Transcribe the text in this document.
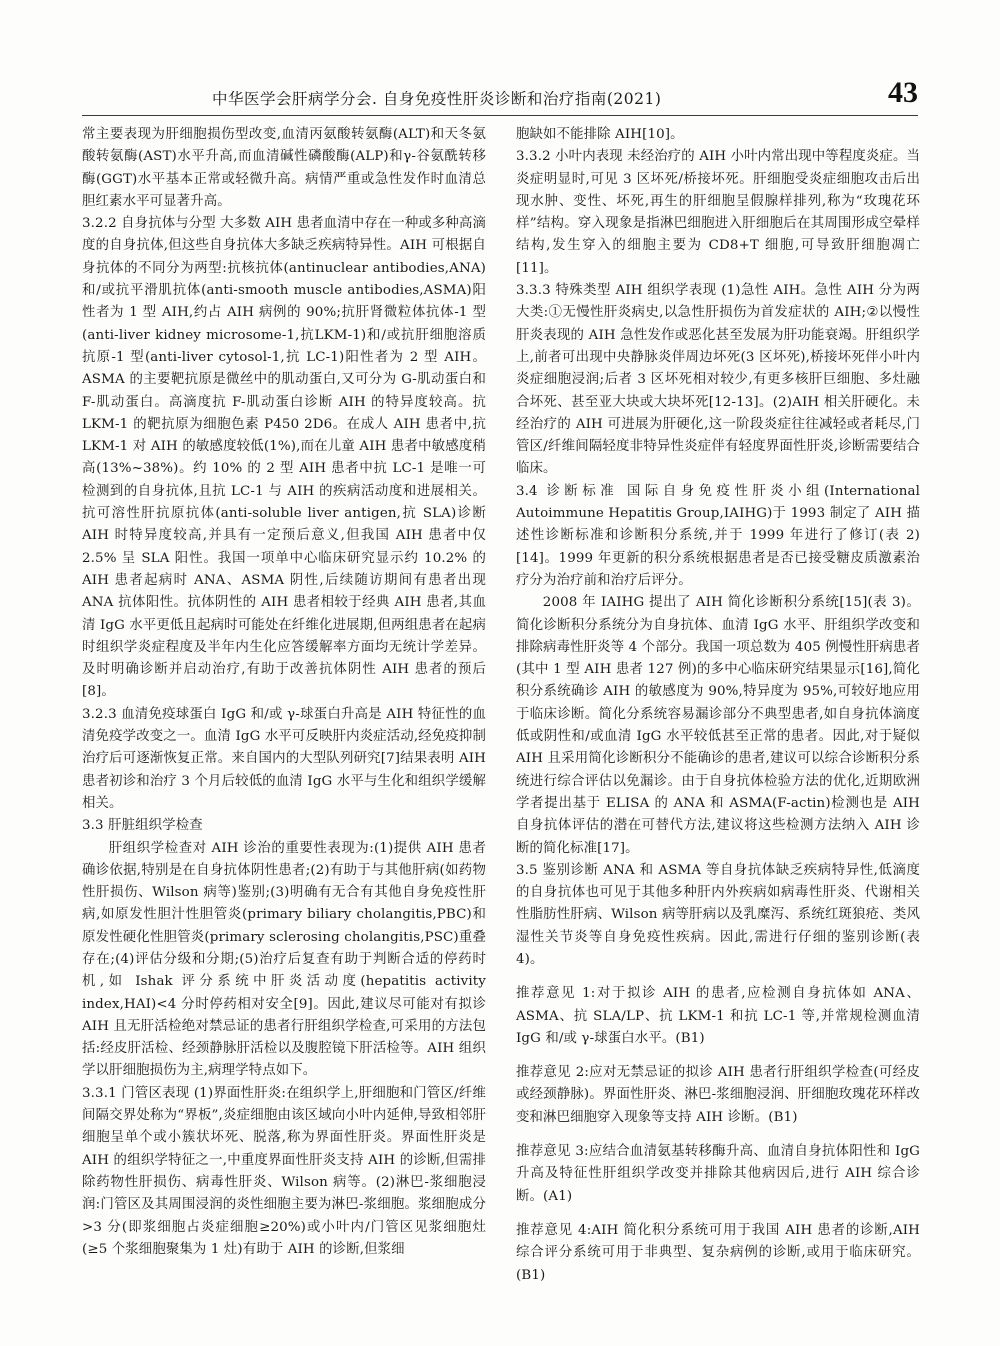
中华医学会肝病学分会. 自身免疫性肝炎诊断和治疗指南(2021)	43

常主要表现为肝细胞损伤型改变,血清丙氨酸转氨酶(ALT)和天冬氨酸转氨酶(AST)水平升高,而血清碱性磷酸酶(ALP)和γ-谷氨酰转移酶(GGT)水平基本正常或轻微升高。病情严重或急性发作时血清总胆红素水平可显著升高。

3.2.2 自身抗体与分型 大多数 AIH 患者血清中存在一种或多种高滴度的自身抗体,但这些自身抗体大多缺乏疾病特异性。AIH 可根据自身抗体的不同分为两型:抗核抗体(antinuclear antibodies,ANA)和/或抗平滑肌抗体(anti-smooth muscle antibodies,ASMA)阳性者为 1 型 AIH,约占 AIH 病例的 90%;抗肝肾微粒体抗体-1 型(anti-liver kidney microsome-1,抗LKM-1)和/或抗肝细胞溶质抗原-1 型(anti-liver cytosol-1,抗 LC-1)阳性者为 2 型 AIH。ASMA 的主要靶抗原是微丝中的肌动蛋白,又可分为 G-肌动蛋白和 F-肌动蛋白。高滴度抗 F-肌动蛋白诊断 AIH 的特异度较高。抗 LKM-1 的靶抗原为细胞色素 P450 2D6。在成人 AIH 患者中,抗 LKM-1 对 AIH 的敏感度较低(1%),而在儿童 AIH 患者中敏感度稍高(13%~38%)。约 10% 的 2 型 AIH 患者中抗 LC-1 是唯一可检测到的自身抗体,且抗 LC-1 与 AIH 的疾病活动度和进展相关。抗可溶性肝抗原抗体(anti-soluble liver antigen,抗 SLA)诊断 AIH 时特异度较高,并具有一定预后意义,但我国 AIH 患者中仅 2.5% 呈 SLA 阳性。我国一项单中心临床研究显示约 10.2% 的 AIH 患者起病时 ANA、ASMA 阴性,后续随访期间有患者出现 ANA 抗体阳性。抗体阴性的 AIH 患者相较于经典 AIH 患者,其血清 IgG 水平更低且起病时可能处在纤维化进展期,但两组患者在起病时组织学炎症程度及半年内生化应答缓解率方面均无统计学差异。及时明确诊断并启动治疗,有助于改善抗体阴性 AIH 患者的预后[8]。

3.2.3 血清免疫球蛋白 IgG 和/或 γ-球蛋白升高是 AIH 特征性的血清免疫学改变之一。血清 IgG 水平可反映肝内炎症活动,经免疫抑制治疗后可逐渐恢复正常。来自国内的大型队列研究[7]结果表明 AIH 患者初诊和治疗 3 个月后较低的血清 IgG 水平与生化和组织学缓解相关。

3.3 肝脏组织学检查

肝组织学检查对 AIH 诊治的重要性表现为:(1)提供 AIH 患者确诊依据,特别是在自身抗体阴性患者;(2)有助于与其他肝病(如药物性肝损伤、Wilson 病等)鉴别;(3)明确有无合有其他自身免疫性肝病,如原发性胆汁性胆管炎(primary biliary cholangitis,PBC)和原发性硬化性胆管炎(primary sclerosing cholangitis,PSC)重叠存在;(4)评估分级和分期;(5)治疗后复查有助于判断合适的停药时机,如 Ishak 评分系统中肝炎活动度(hepatitis activity index,HAI)<4 分时停药相对安全[9]。因此,建议尽可能对有拟诊 AIH 且无肝活检绝对禁忌证的患者行肝组织学检查,可采用的方法包括:经皮肝活检、经颈静脉肝活检以及腹腔镜下肝活检等。AIH 组织学以肝细胞损伤为主,病理学特点如下。

3.3.1 门管区表现 (1)界面性肝炎:在组织学上,肝细胞和门管区/纤维间隔交界处称为“界板”,炎症细胞由该区域向小叶内延伸,导致相邻肝细胞呈单个或小簇状坏死、脱落,称为界面性肝炎。界面性肝炎是 AIH 的组织学特征之一,中重度界面性肝炎支持 AIH 的诊断,但需排除药物性肝损伤、病毒性肝炎、Wilson 病等。(2)淋巴-浆细胞浸润:门管区及其周围浸润的炎性细胞主要为淋巴-浆细胞。浆细胞成分>3 分(即浆细胞占炎症细胞≥20%)或小叶内/门管区见浆细胞灶(≥5 个浆细胞聚集为 1 灶)有助于 AIH 的诊断,但浆细

胞缺如不能排除 AIH[10]。

3.3.2 小叶内表现 未经治疗的 AIH 小叶内常出现中等程度炎症。当炎症明显时,可见 3 区坏死/桥接坏死。肝细胞受炎症细胞攻击后出现水肿、变性、坏死,再生的肝细胞呈假腺样排列,称为“玫瑰花环样”结构。穿入现象是指淋巴细胞进入肝细胞后在其周围形成空晕样结构,发生穿入的细胞主要为 CD8+T 细胞,可导致肝细胞凋亡[11]。

3.3.3 特殊类型 AIH 组织学表现 (1)急性 AIH。急性 AIH 分为两大类:①无慢性肝炎病史,以急性肝损伤为首发症状的 AIH;②以慢性肝炎表现的 AIH 急性发作或恶化甚至发展为肝功能衰竭。肝组织学上,前者可出现中央静脉炎伴周边坏死(3 区坏死),桥接坏死伴小叶内炎症细胞浸润;后者 3 区坏死相对较少,有更多核肝巨细胞、多灶融合坏死、甚至亚大块或大块坏死[12-13]。(2)AIH 相关肝硬化。未经治疗的 AIH 可进展为肝硬化,这一阶段炎症往往减轻或者耗尽,门管区/纤维间隔轻度非特异性炎症伴有轻度界面性肝炎,诊断需要结合临床。

3.4 诊断标准 国际自身免疫性肝炎小组(International Autoimmune Hepatitis Group,IAIHG)于 1993 制定了 AIH 描述性诊断标准和诊断积分系统,并于 1999 年进行了修订(表 2)[14]。1999 年更新的积分系统根据患者是否已接受糖皮质激素治疗分为治疗前和治疗后评分。

2008 年 IAIHG 提出了 AIH 简化诊断积分系统[15](表 3)。简化诊断积分系统分为自身抗体、血清 IgG 水平、肝组织学改变和排除病毒性肝炎等 4 个部分。我国一项总数为 405 例慢性肝病患者(其中 1 型 AIH 患者 127 例)的多中心临床研究结果显示[16],简化积分系统确诊 AIH 的敏感度为 90%,特异度为 95%,可较好地应用于临床诊断。简化分系统容易漏诊部分不典型患者,如自身抗体滴度低或阴性和/或血清 IgG 水平较低甚至正常的患者。因此,对于疑似 AIH 且采用简化诊断积分不能确诊的患者,建议可以综合诊断积分系统进行综合评估以免漏诊。由于自身抗体检验方法的优化,近期欧洲学者提出基于 ELISA 的 ANA 和 ASMA(F-actin)检测也是 AIH 自身抗体评估的潜在可替代方法,建议将这些检测方法纳入 AIH 诊断的简化标准[17]。

3.5 鉴别诊断 ANA 和 ASMA 等自身抗体缺乏疾病特异性,低滴度的自身抗体也可见于其他多种肝内外疾病如病毒性肝炎、代谢相关性脂肪性肝病、Wilson 病等肝病以及乳糜泻、系统红斑狼疮、类风湿性关节炎等自身免疫性疾病。因此,需进行仔细的鉴别诊断(表 4)。

推荐意见 1:对于拟诊 AIH 的患者,应检测自身抗体如 ANA、ASMA、抗 SLA/LP、抗 LKM-1 和抗 LC-1 等,并常规检测血清 IgG 和/或 γ-球蛋白水平。(B1)

推荐意见 2:应对无禁忌证的拟诊 AIH 患者行肝组织学检查(可经皮或经颈静脉)。界面性肝炎、淋巴-浆细胞浸润、肝细胞玫瑰花环样改变和淋巴细胞穿入现象等支持 AIH 诊断。(B1)

推荐意见 3:应结合血清氨基转移酶升高、血清自身抗体阳性和 IgG 升高及特征性肝组织学改变并排除其他病因后,进行 AIH 综合诊断。(A1)

推荐意见 4:AIH 简化积分系统可用于我国 AIH 患者的诊断,AIH 综合评分系统可用于非典型、复杂病例的诊断,或用于临床研究。(B1)
